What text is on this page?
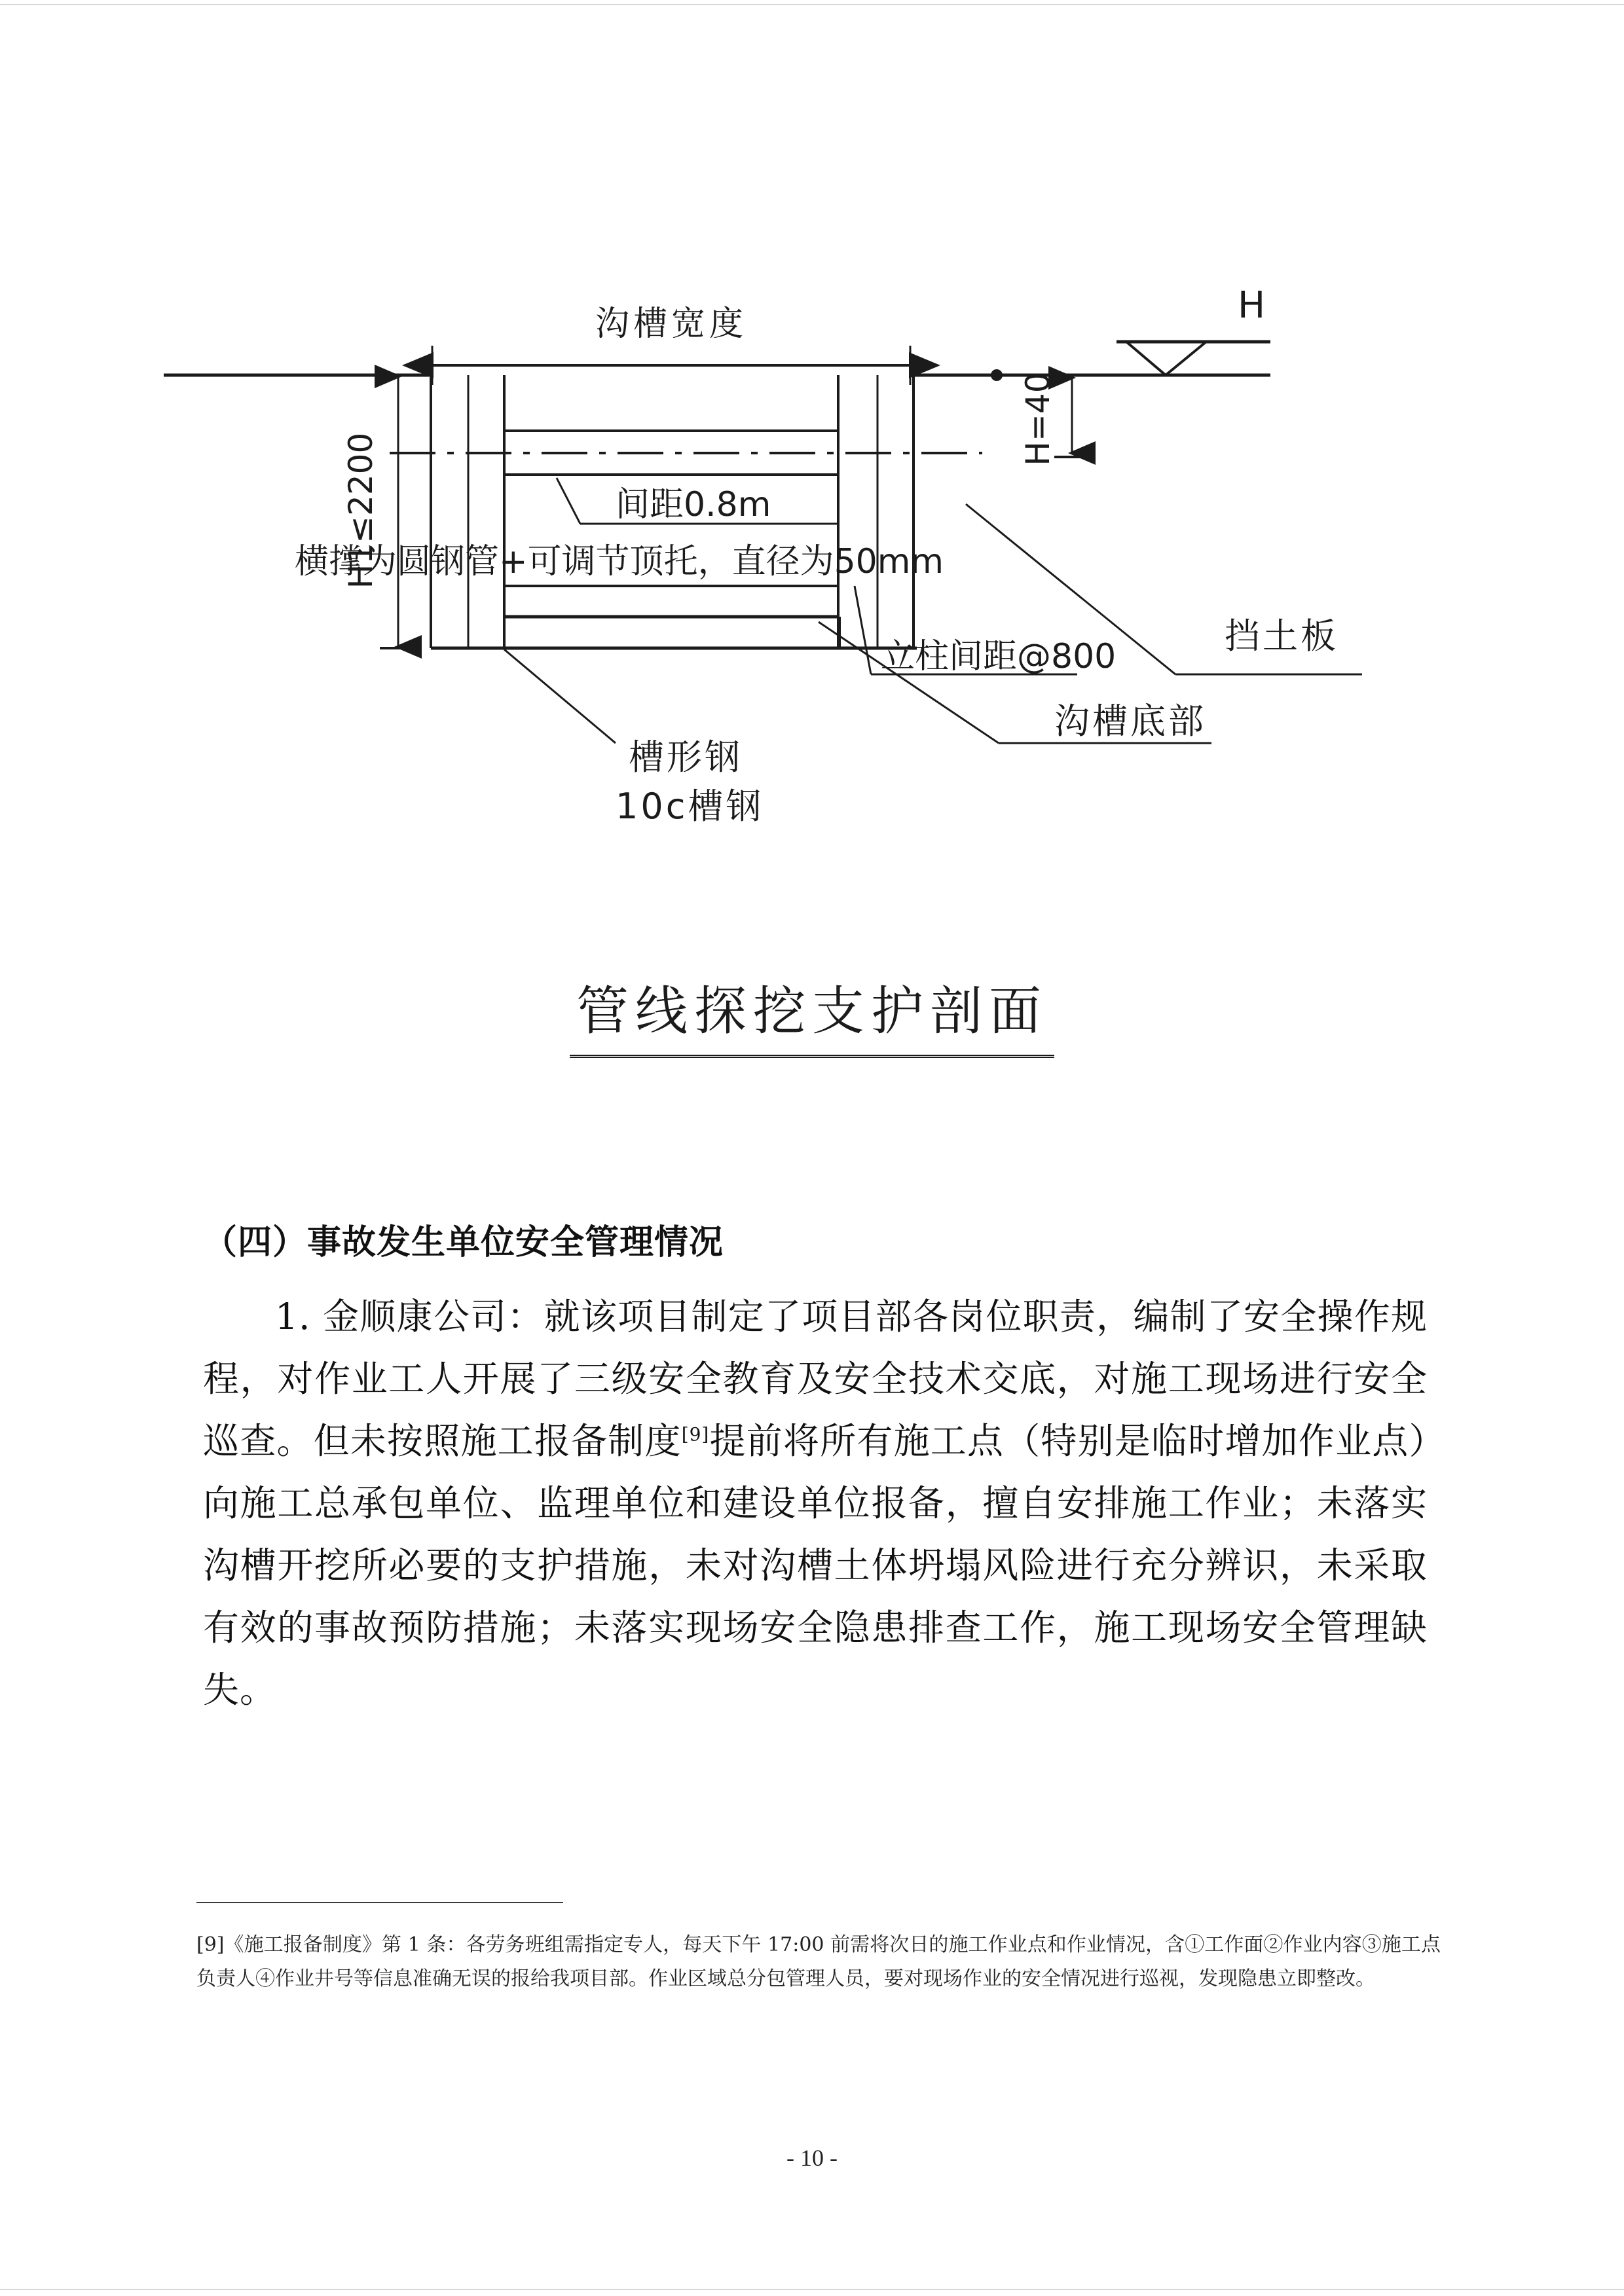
沟槽宽度	H
H=40
H1≤2200	间距0.8m
横撑为圆钢管+可调节顶托，直径为50mm
立柱间距@800	挡土板
槽形钢
10c槽钢
沟槽底部
管线探挖支护剖面
（四）事故发生单位安全管理情况

1. 金顺康公司：就该项目制定了项目部各岗位职责，编制了安全操作规程，对作业工人开展了三级安全教育及安全技术交底，对施工现场进行安全巡查。但未按照施工报备制度[9]提前将所有施工点（特别是临时增加作业点）向施工总承包单位、监理单位和建设单位报备，擅自安排施工作业；未落实沟槽开挖所必要的支护措施，未对沟槽土体坍塌风险进行充分辨识，未采取有效的事故预防措施；未落实现场安全隐患排查工作，施工现场安全管理缺失。

[9]《施工报备制度》第 1 条：各劳务班组需指定专人，每天下午 17:00 前需将次日的施工作业点和作业情况，含①工作面②作业内容③施工点负责人④作业井号等信息准确无误的报给我项目部。作业区域总分包管理人员，要对现场作业的安全情况进行巡视，发现隐患立即整改。
- 10 -
